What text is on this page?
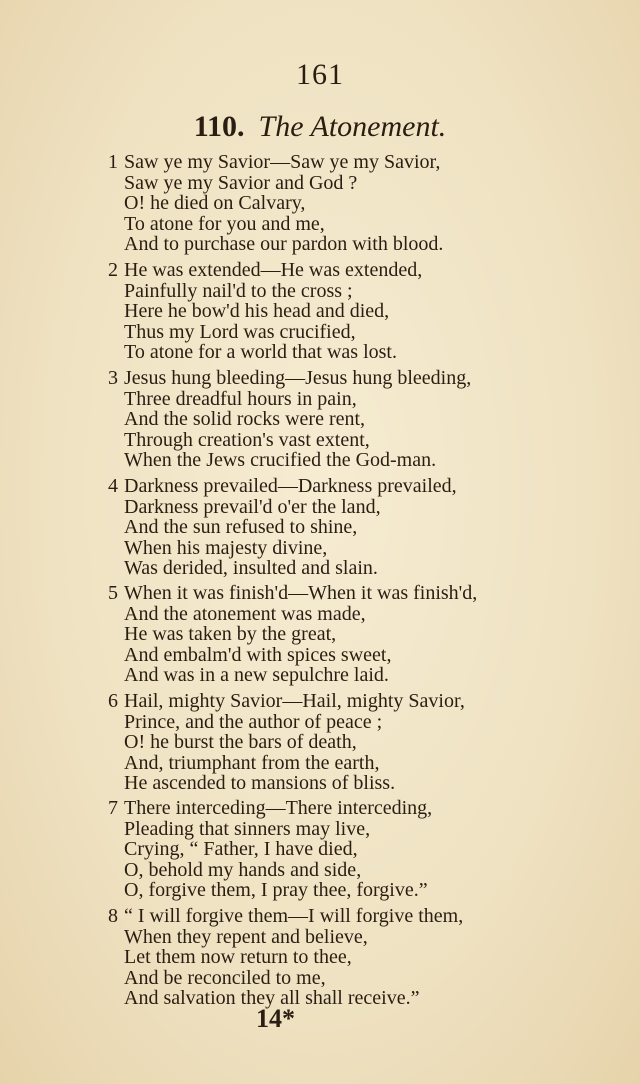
161
110. The Atonement.
1 Saw ye my Savior—Saw ye my Savior,
Saw ye my Savior and God ?
O! he died on Calvary,
To atone for you and me,
And to purchase our pardon with blood.
2 He was extended—He was extended,
Painfully nail'd to the cross ;
Here he bow'd his head and died,
Thus my Lord was crucified,
To atone for a world that was lost.
3 Jesus hung bleeding—Jesus hung bleeding,
Three dreadful hours in pain,
And the solid rocks were rent,
Through creation's vast extent,
When the Jews crucified the God-man.
4 Darkness prevailed—Darkness prevailed,
Darkness prevail'd o'er the land,
And the sun refused to shine,
When his majesty divine,
Was derided, insulted and slain.
5 When it was finish'd—When it was finish'd,
And the atonement was made,
He was taken by the great,
And embalm'd with spices sweet,
And was in a new sepulchre laid.
6 Hail, mighty Savior—Hail, mighty Savior,
Prince, and the author of peace ;
O! he burst the bars of death,
And, triumphant from the earth,
He ascended to mansions of bliss.
7 There interceding—There interceding,
Pleading that sinners may live,
Crying, “ Father, I have died,
O, behold my hands and side,
O, forgive them, I pray thee, forgive.”
8 “ I will forgive them—I will forgive them,
When they repent and believe,
Let them now return to thee,
And be reconciled to me,
And salvation they all shall receive.”
14*
